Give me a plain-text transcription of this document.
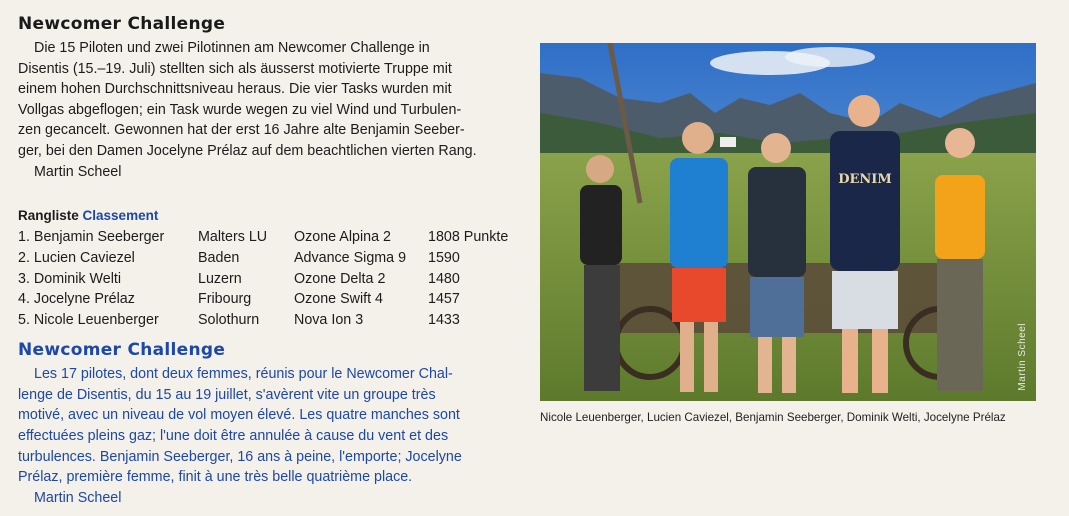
Newcomer Challenge

Die 15 Piloten und zwei Pilotinnen am Newcomer Challenge in
Disentis (15.–19. Juli) stellten sich als äusserst motivierte Truppe mit
einem hohen Durchschnittsniveau heraus. Die vier Tasks wurden mit
Vollgas abgeflogen; ein Task wurde wegen zu viel Wind und Turbulen-
zen gecancelt. Gewonnen hat der erst 16 Jahre alte Benjamin Seeber-
ger, bei den Damen Jocelyne Prélaz auf dem beachtlichen vierten Rang.

Martin Scheel

Rangliste Classement
1. Benjamin Seeberger	Malters LU	Ozone Alpina 2	1808 Punkte
2. Lucien Caviezel	Baden	Advance Sigma 9	1590
3. Dominik Welti	Luzern	Ozone Delta 2	1480
4. Jocelyne Prélaz	Fribourg	Ozone Swift 4	1457
5. Nicole Leuenberger	Solothurn	Nova Ion 3	1433
Newcomer Challenge

Les 17 pilotes, dont deux femmes, réunis pour le Newcomer Chal-
lenge de Disentis, du 15 au 19 juillet, s'avèrent vite un groupe très
motivé, avec un niveau de vol moyen élevé. Les quatre manches sont
effectuées pleins gaz; l'une doit être annulée à cause du vent et des
turbulences. Benjamin Seeberger, 16 ans à peine, l'emporte; Jocelyne
Prélaz, première femme, finit à une très belle quatrième place.

Martin Scheel

DENIM
Martin Scheel
Nicole Leuenberger, Lucien Caviezel, Benjamin Seeberger, Dominik Welti, Jocelyne Prélaz
